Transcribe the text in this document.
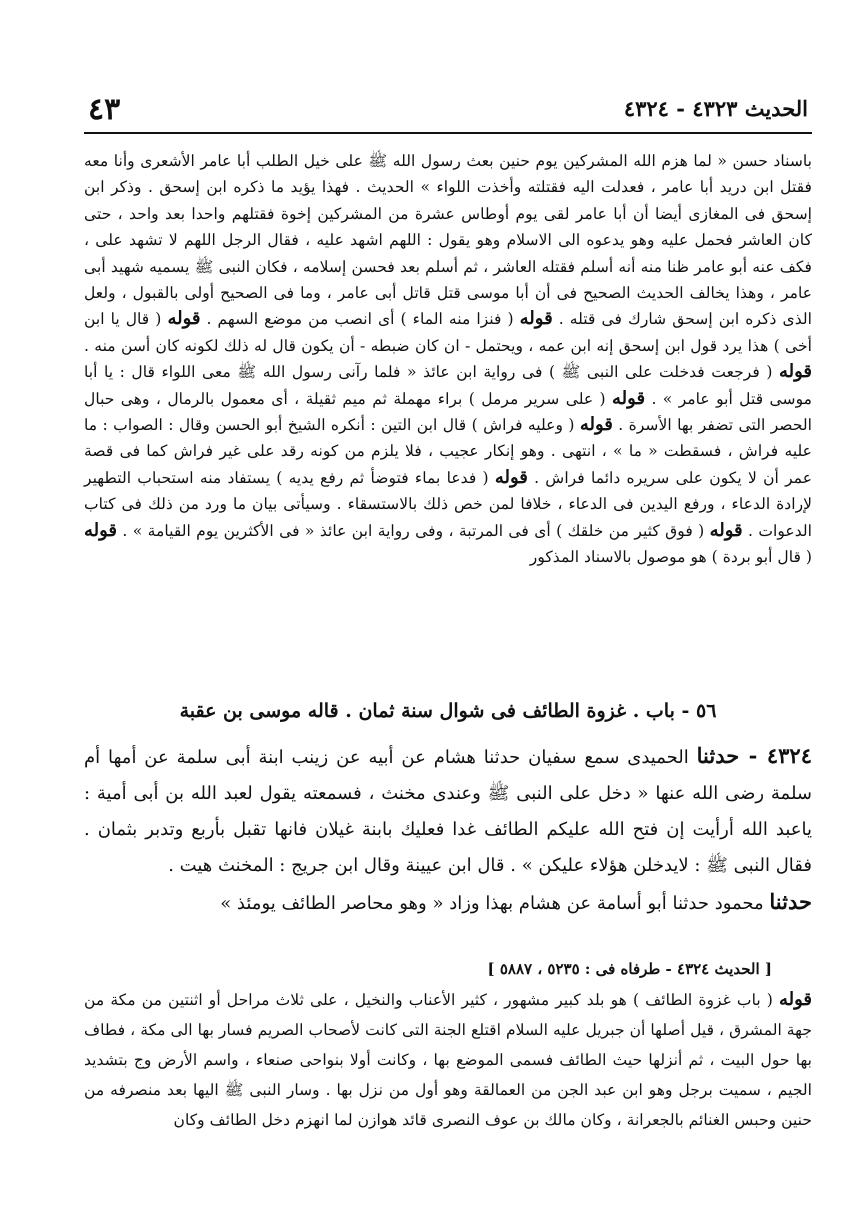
الحديث ٤٣٢٣ - ٤٣٢٤
٤٣

باسناد حسن « لما هزم الله المشركين يوم حنين بعث رسول الله ﷺ على خيل الطلب أبا عامر الأشعرى وأنا معه فقتل ابن دريد أبا عامر ، فعدلت اليه فقتلته وأخذت اللواء » الحديث . فهذا يؤيد ما ذكره ابن إسحق . وذكر ابن إسحق فى المغازى أيضا أن أبا عامر لقى يوم أوطاس عشرة من المشركين إخوة فقتلهم واحدا بعد واحد ، حتى كان العاشر فحمل عليه وهو يدعوه الى الاسلام وهو يقول : اللهم اشهد عليه ، فقال الرجل اللهم لا تشهد على ، فكف عنه أبو عامر ظنا منه أنه أسلم فقتله العاشر ، ثم أسلم بعد فحسن إسلامه ، فكان النبى ﷺ يسميه شهيد أبى عامر ، وهذا يخالف الحديث الصحيح فى أن أبا موسى قتل قاتل أبى عامر ، وما فى الصحيح أولى بالقبول ، ولعل الذى ذكره ابن إسحق شارك فى قتله . قوله ( فنزا منه الماء ) أى انصب من موضع السهم . قوله ( قال يا ابن أخى ) هذا يرد قول ابن إسحق إنه ابن عمه ، ويحتمل - ان كان ضبطه - أن يكون قال له ذلك لكونه كان أسن منه . قوله ( فرجعت فدخلت على النبى ﷺ ) فى رواية ابن عائذ « فلما رآنى رسول الله ﷺ معى اللواء قال : يا أبا موسى قتل أبو عامر » . قوله ( على سرير مرمل ) براء مهملة ثم ميم ثقيلة ، أى معمول بالرمال ، وهى حبال الحصر التى تضفر بها الأسرة . قوله ( وعليه فراش ) قال ابن التين : أنكره الشيخ أبو الحسن وقال : الصواب : ما عليه فراش ، فسقطت « ما » ، انتهى . وهو إنكار عجيب ، فلا يلزم من كونه رقد على غير فراش كما فى قصة عمر أن لا يكون على سريره دائما فراش . قوله ( فدعا بماء فتوضأ ثم رفع يديه ) يستفاد منه استحباب التطهير لإرادة الدعاء ، ورفع اليدين فى الدعاء ، خلافا لمن خص ذلك بالاستسقاء . وسيأتى بيان ما ورد من ذلك فى كتاب الدعوات . قوله ( فوق كثير من خلقك ) أى فى المرتبة ، وفى رواية ابن عائذ « فى الأكثرين يوم القيامة » . قوله ( قال أبو بردة ) هو موصول بالاسناد المذكور

٥٦ - باب . غزوة الطائف فى شوال سنة ثمان . قاله موسى بن عقبة

٤٣٢٤ - حدثنا الحميدى سمع سفيان حدثنا هشام عن أبيه عن زينب ابنة أبى سلمة عن أمها أم سلمة رضى الله عنها « دخل على النبى ﷺ وعندى مخنث ، فسمعته يقول لعبد الله بن أبى أمية : ياعبد الله أرأيت إن فتح الله عليكم الطائف غدا فعليك بابنة غيلان فانها تقبل بأربع وتدبر بثمان . فقال النبى ﷺ : لايدخلن هؤلاء عليكن » . قال ابن عيينة وقال ابن جريج : المخنث هيت .

حدثنا محمود حدثنا أبو أسامة عن هشام بهذا وزاد « وهو محاصر الطائف يومئذ »

[ الحديث ٤٣٢٤ - طرفاه فى : ٥٢٣٥ ، ٥٨٨٧ ]

قوله ( باب غزوة الطائف ) هو بلد كبير مشهور ، كثير الأعناب والنخيل ، على ثلاث مراحل أو اثنتين من مكة من جهة المشرق ، قيل أصلها أن جبريل عليه السلام اقتلع الجنة التى كانت لأصحاب الصريم فسار بها الى مكة ، فطاف بها حول البيت ، ثم أنزلها حيث الطائف فسمى الموضع بها ، وكانت أولا بنواحى صنعاء ، واسم الأرض وج بتشديد الجيم ، سميت برجل وهو ابن عبد الجن من العمالقة وهو أول من نزل بها . وسار النبى ﷺ اليها بعد منصرفه من حنين وحبس الغنائم بالجعرانة ، وكان مالك بن عوف النصرى قائد هوازن لما انهزم دخل الطائف وكان
